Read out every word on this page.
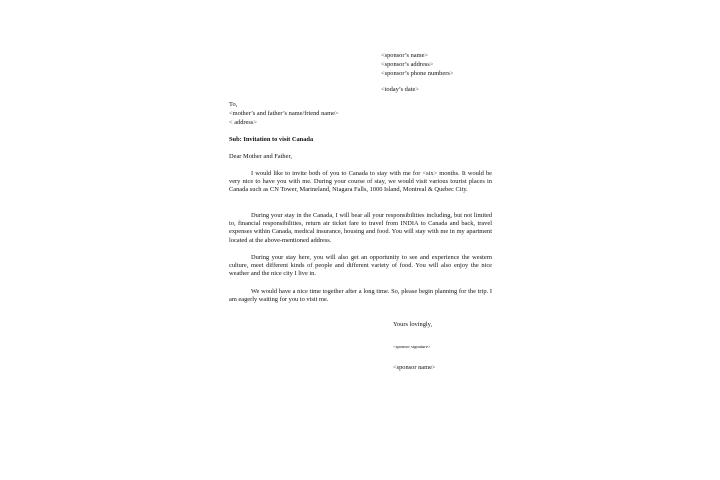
<sponsor’s name>

<sponsor’s address>

<sponsor’s phone numbers>

<today’s date>

To,

<mother’s and father’s name/friend name>

< address>

Sub: Invitation to visit Canada

Dear Mother and Father,

I would like to invite both of you to Canada to stay with me for <six> months. It would be very nice to have you with me. During your course of stay, we would visit various tourist places in Canada such as CN Tower, Marineland, Niagara Falls, 1000 Island, Montreal & Quebec City.

During your stay in the Canada, I will bear all your responsibilities including, but not limited to, financial responsibilities, return air ticket fare to travel from INDIA to Canada and back, travel expenses within Canada, medical insurance, housing and food. You will stay with me in my apartment located at the above-mentioned address.

During your stay here, you will also get an opportunity to see and experience the western culture, meet different kinds of people and different variety of food. You will also enjoy the nice weather and the nice city I live in.

We would have a nice time together after a long time. So, please begin planning for the trip. I am eagerly waiting for you to visit me.

Yours lovingly,

<sponsor signature>

<sponsor name>
